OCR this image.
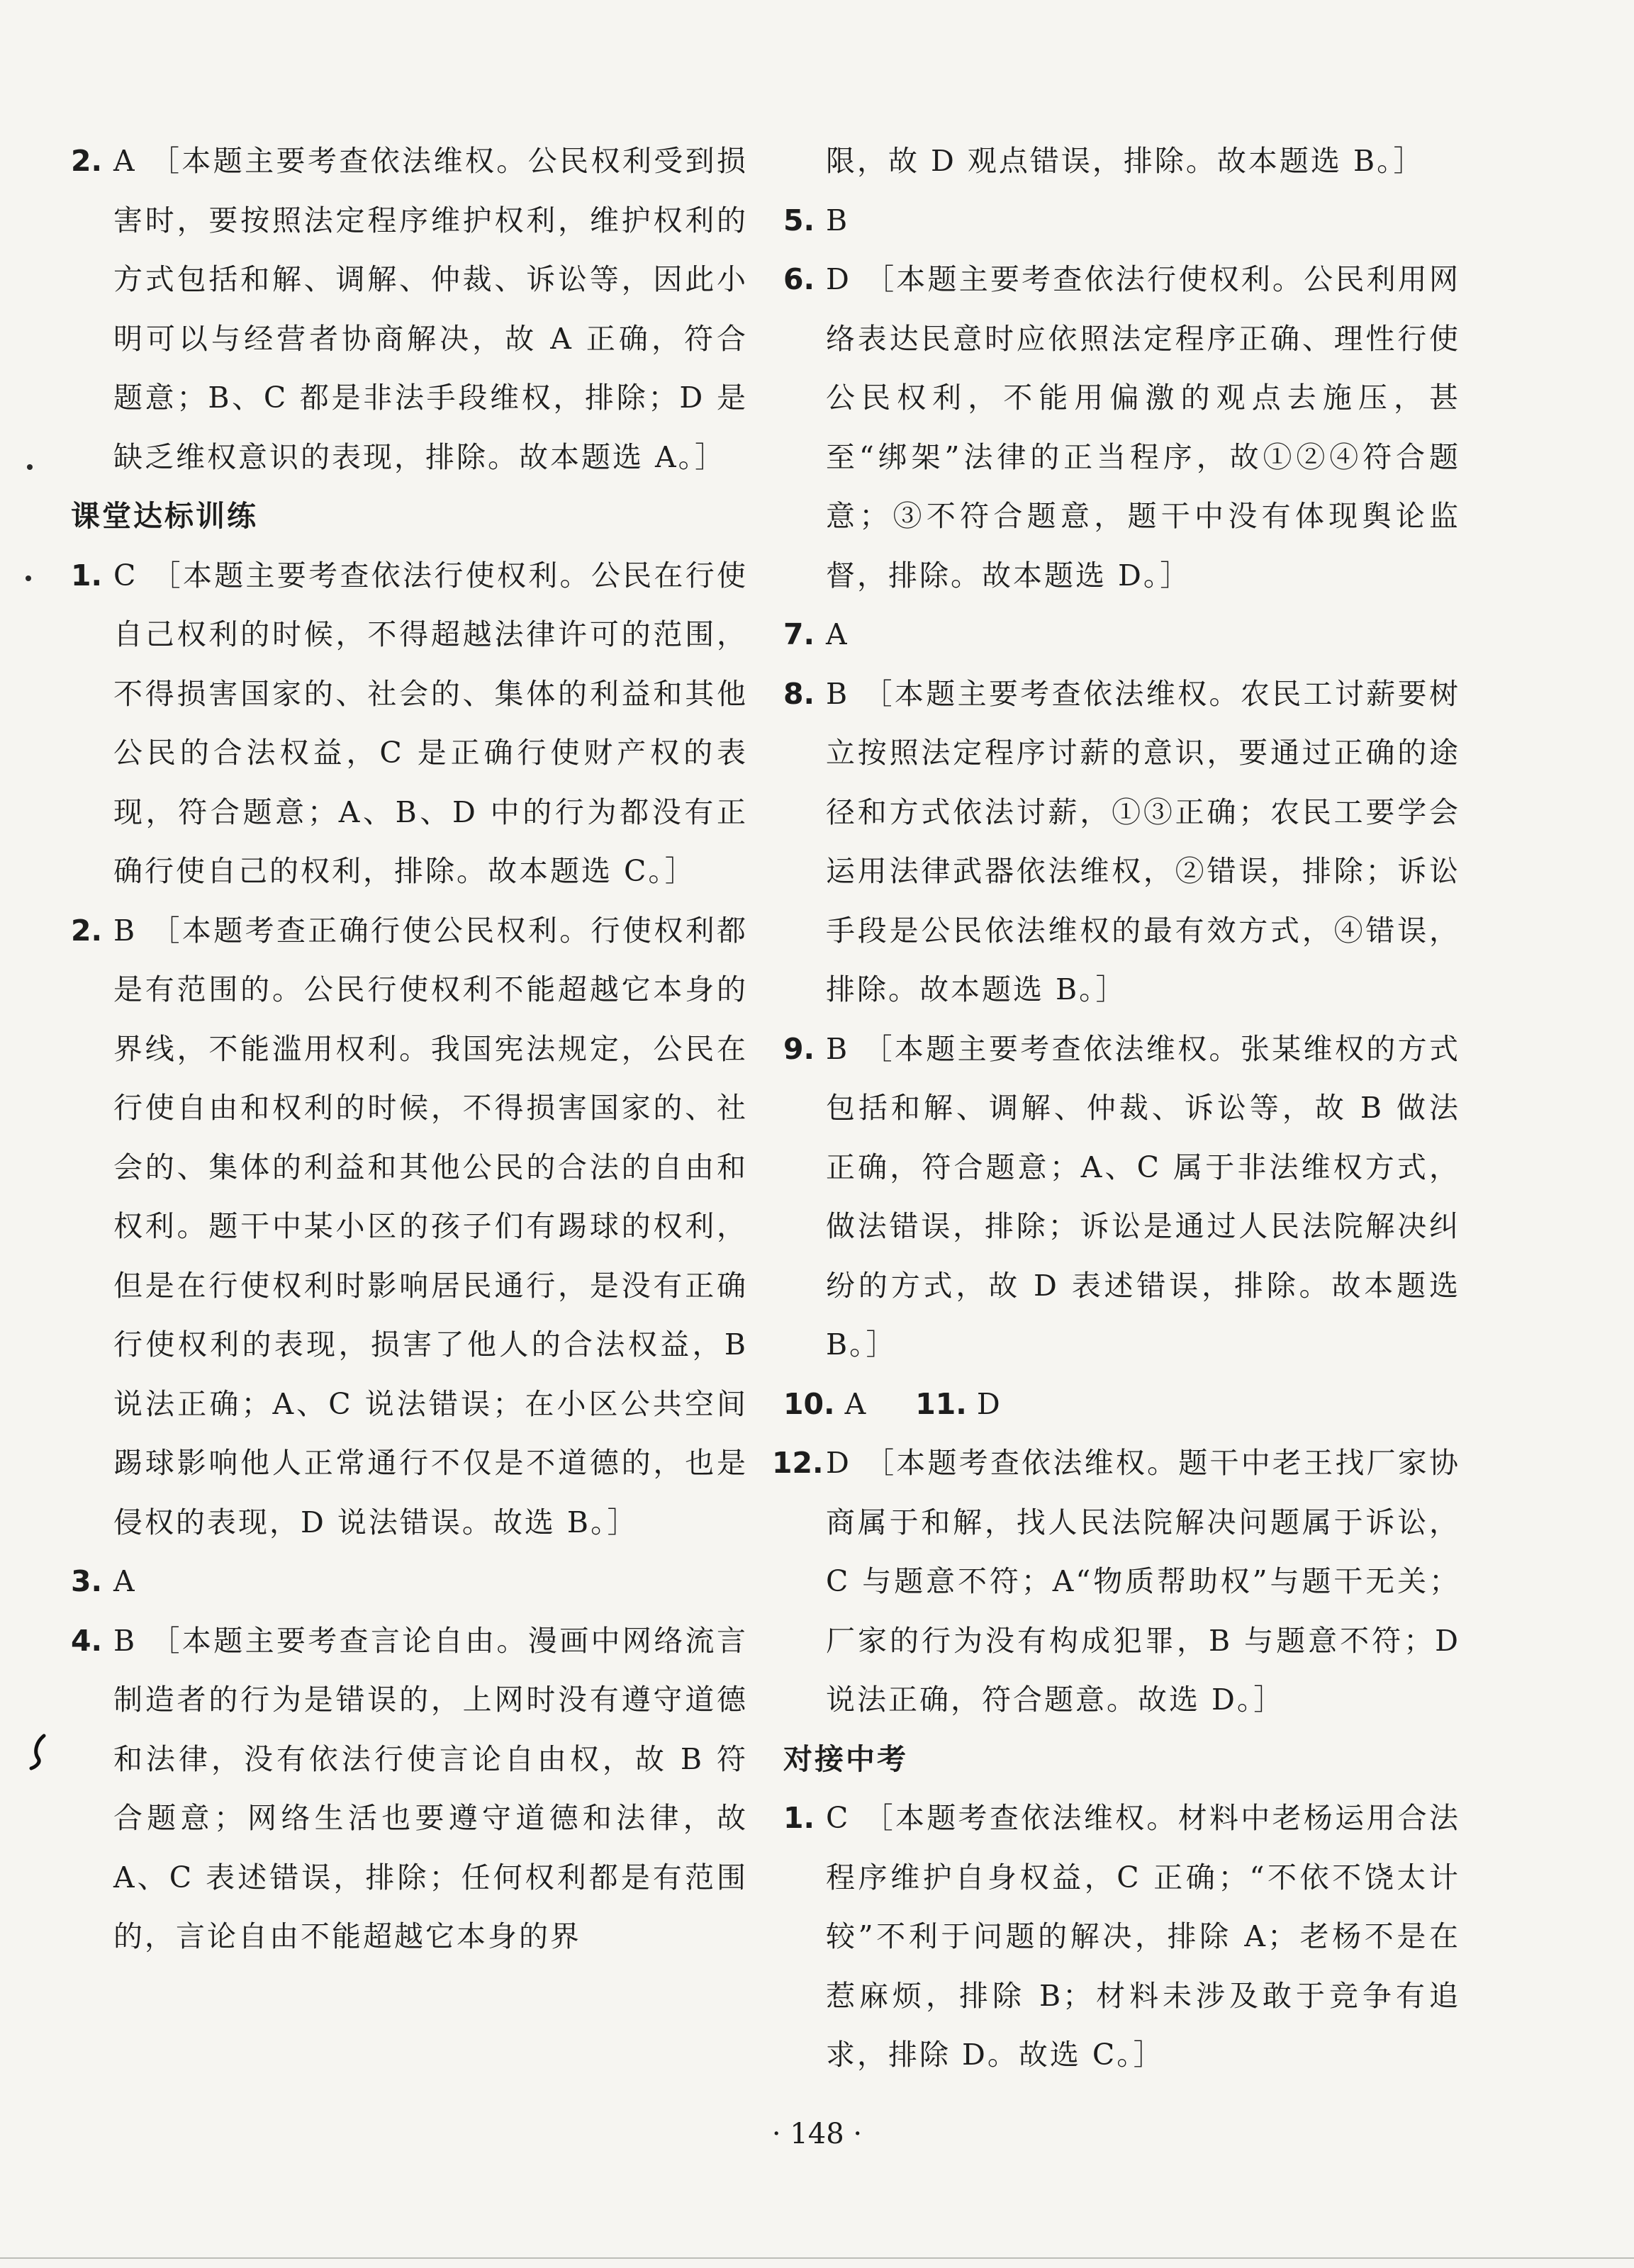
2. A ［本题主要考查依法维权。公民权利受到损害时，要按照法定程序维护权利，维护权利的方式包括和解、调解、仲裁、诉讼等，因此小明可以与经营者协商解决，故 A 正确，符合题意；B、C 都是非法手段维权，排除；D 是缺乏维权意识的表现，排除。故本题选 A。］
课堂达标训练
1. C ［本题主要考查依法行使权利。公民在行使自己权利的时候，不得超越法律许可的范围，不得损害国家的、社会的、集体的利益和其他公民的合法权益，C 是正确行使财产权的表现，符合题意；A、B、D 中的行为都没有正确行使自己的权利，排除。故本题选 C。］
2. B ［本题考查正确行使公民权利。行使权利都是有范围的。公民行使权利不能超越它本身的界线，不能滥用权利。我国宪法规定，公民在行使自由和权利的时候，不得损害国家的、社会的、集体的利益和其他公民的合法的自由和权利。题干中某小区的孩子们有踢球的权利，但是在行使权利时影响居民通行，是没有正确行使权利的表现，损害了他人的合法权益，B 说法正确；A、C 说法错误；在小区公共空间踢球影响他人正常通行不仅是不道德的，也是侵权的表现，D 说法错误。故选 B。］
3. A
4. B ［本题主要考查言论自由。漫画中网络流言制造者的行为是错误的，上网时没有遵守道德和法律，没有依法行使言论自由权，故 B 符合题意；网络生活也要遵守道德和法律，故 A、C 表述错误，排除；任何权利都是有范围的，言论自由不能超越它本身的界
限，故 D 观点错误，排除。故本题选 B。］
5. B
6. D ［本题主要考查依法行使权利。公民利用网络表达民意时应依照法定程序正确、理性行使公民权利，不能用偏激的观点去施压，甚至“绑架”法律的正当程序，故①②④符合题意；③不符合题意，题干中没有体现舆论监督，排除。故本题选 D。］
7. A
8. B ［本题主要考查依法维权。农民工讨薪要树立按照法定程序讨薪的意识，要通过正确的途径和方式依法讨薪，①③正确；农民工要学会运用法律武器依法维权，②错误，排除；诉讼手段是公民依法维权的最有效方式，④错误，排除。故本题选 B。］
9. B ［本题主要考查依法维权。张某维权的方式包括和解、调解、仲裁、诉讼等，故 B 做法正确，符合题意；A、C 属于非法维权方式，做法错误，排除；诉讼是通过人民法院解决纠纷的方式，故 D 表述错误，排除。故本题选 B。］
10. A	11. D
12. D ［本题考查依法维权。题干中老王找厂家协商属于和解，找人民法院解决问题属于诉讼，C 与题意不符；A“物质帮助权”与题干无关；厂家的行为没有构成犯罪，B 与题意不符；D 说法正确，符合题意。故选 D。］
对接中考
1. C ［本题考查依法维权。材料中老杨运用合法程序维护自身权益，C 正确；“不依不饶太计较”不利于问题的解决，排除 A；老杨不是在惹麻烦，排除 B；材料未涉及敢于竞争有追求，排除 D。故选 C。］
· 148 ·
